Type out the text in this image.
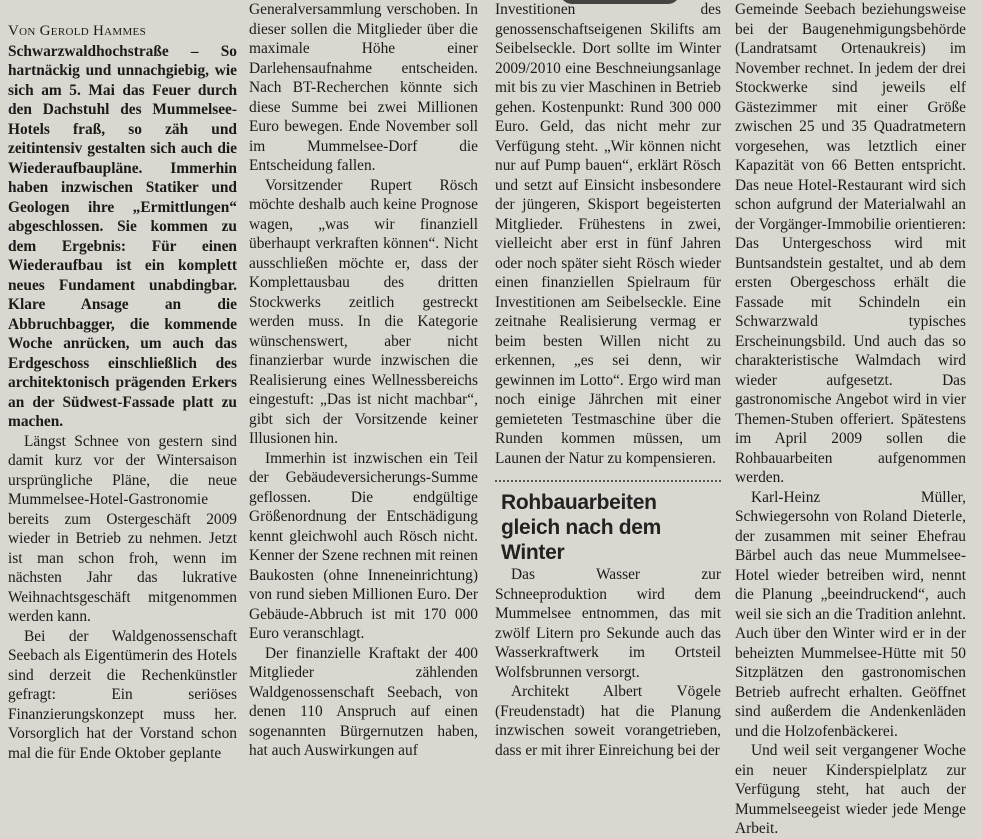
Von Gerold Hammes

Schwarzwaldhochstraße – So hartnäckig und unnachgiebig, wie sich am 5. Mai das Feuer durch den Dachstuhl des Mummelsee-Hotels fraß, so zäh und zeitintensiv gestalten sich auch die Wiederaufbaupläne. Immerhin haben inzwischen Statiker und Geologen ihre „Ermittlungen“ abgeschlossen. Sie kommen zu dem Ergebnis: Für einen Wiederaufbau ist ein komplett neues Fundament unabdingbar. Klare Ansage an die Abbruchbagger, die kommende Woche anrücken, um auch das Erdgeschoss einschließlich des architektonisch prägenden Erkers an der Südwest-Fassade platt zu machen.

Längst Schnee von gestern sind damit kurz vor der Wintersaison ursprüngliche Pläne, die neue Mummelsee-Hotel-Gastronomie bereits zum Ostergeschäft 2009 wieder in Betrieb zu nehmen. Jetzt ist man schon froh, wenn im nächsten Jahr das lukrative Weihnachtsgeschäft mitgenommen werden kann.

Bei der Waldgenossenschaft Seebach als Eigentümerin des Hotels sind derzeit die Rechenkünstler gefragt: Ein seriöses Finanzierungskonzept muss her. Vorsorglich hat der Vorstand schon mal die für Ende Oktober geplante

Generalversammlung verschoben. In dieser sollen die Mitglieder über die maximale Höhe einer Darlehensaufnahme entscheiden. Nach BT-Recherchen könnte sich diese Summe bei zwei Millionen Euro bewegen. Ende November soll im Mummelsee-Dorf die Entscheidung fallen.

Vorsitzender Rupert Rösch möchte deshalb auch keine Prognose wagen, „was wir finanziell überhaupt verkraften können“. Nicht ausschließen möchte er, dass der Komplettausbau des dritten Stockwerks zeitlich gestreckt werden muss. In die Kategorie wünschenswert, aber nicht finanzierbar wurde inzwischen die Realisierung eines Wellnessbereichs eingestuft: „Das ist nicht machbar“, gibt sich der Vorsitzende keiner Illusionen hin.

Immerhin ist inzwischen ein Teil der Gebäudeversicherungs-Summe geflossen. Die endgültige Größenordnung der Entschädigung kennt gleichwohl auch Rösch nicht. Kenner der Szene rechnen mit reinen Baukosten (ohne Inneneinrichtung) von rund sieben Millionen Euro. Der Gebäude-Abbruch ist mit 170 000 Euro veranschlagt.

Der finanzielle Kraftakt der 400 Mitglieder zählenden Waldgenossenschaft Seebach, von denen 110 Anspruch auf einen sogenannten Bürgernutzen haben, hat auch Auswirkungen auf

Investitionen des genossenschaftseigenen Skilifts am Seibelseckle. Dort sollte im Winter 2009/2010 eine Beschneiungsanlage mit bis zu vier Maschinen in Betrieb gehen. Kostenpunkt: Rund 300 000 Euro. Geld, das nicht mehr zur Verfügung steht. „Wir können nicht nur auf Pump bauen“, erklärt Rösch und setzt auf Einsicht insbesondere der jüngeren, Skisport begeisterten Mitglieder. Frühestens in zwei, vielleicht aber erst in fünf Jahren oder noch später sieht Rösch wieder einen finanziellen Spielraum für Investitionen am Seibelseckle. Eine zeitnahe Realisierung vermag er beim besten Willen nicht zu erkennen, „es sei denn, wir gewinnen im Lotto“. Ergo wird man noch einige Jährchen mit einer gemieteten Testmaschine über die Runden kommen müssen, um Launen der Natur zu kompensieren.

Rohbauarbeiten gleich nach dem Winter

Das Wasser zur Schneeproduktion wird dem Mummelsee entnommen, das mit zwölf Litern pro Sekunde auch das Wasserkraftwerk im Ortsteil Wolfsbrunnen versorgt.

Architekt Albert Vögele (Freudenstadt) hat die Planung inzwischen soweit vorangetrieben, dass er mit ihrer Einreichung bei der

Gemeinde Seebach beziehungsweise bei der Baugenehmigungsbehörde (Landratsamt Ortenaukreis) im November rechnet. In jedem der drei Stockwerke sind jeweils elf Gästezimmer mit einer Größe zwischen 25 und 35 Quadratmetern vorgesehen, was letztlich einer Kapazität von 66 Betten entspricht. Das neue Hotel-Restaurant wird sich schon aufgrund der Materialwahl an der Vorgänger-Immobilie orientieren: Das Untergeschoss wird mit Buntsandstein gestaltet, und ab dem ersten Obergeschoss erhält die Fassade mit Schindeln ein Schwarzwald typisches Erscheinungsbild. Und auch das so charakteristische Walmdach wird wieder aufgesetzt. Das gastronomische Angebot wird in vier Themen-Stuben offeriert. Spätestens im April 2009 sollen die Rohbauarbeiten aufgenommen werden.

Karl-Heinz Müller, Schwiegersohn von Roland Dieterle, der zusammen mit seiner Ehefrau Bärbel auch das neue Mummelsee-Hotel wieder betreiben wird, nennt die Planung „beeindruckend“, auch weil sie sich an die Tradition anlehnt. Auch über den Winter wird er in der beheizten Mummelsee-Hütte mit 50 Sitzplätzen den gastronomischen Betrieb aufrecht erhalten. Geöffnet sind außerdem die Andenkenläden und die Holzofenbäckerei.

Und weil seit vergangener Woche ein neuer Kinderspielplatz zur Verfügung steht, hat auch der Mummelseegeist wieder jede Menge Arbeit.
